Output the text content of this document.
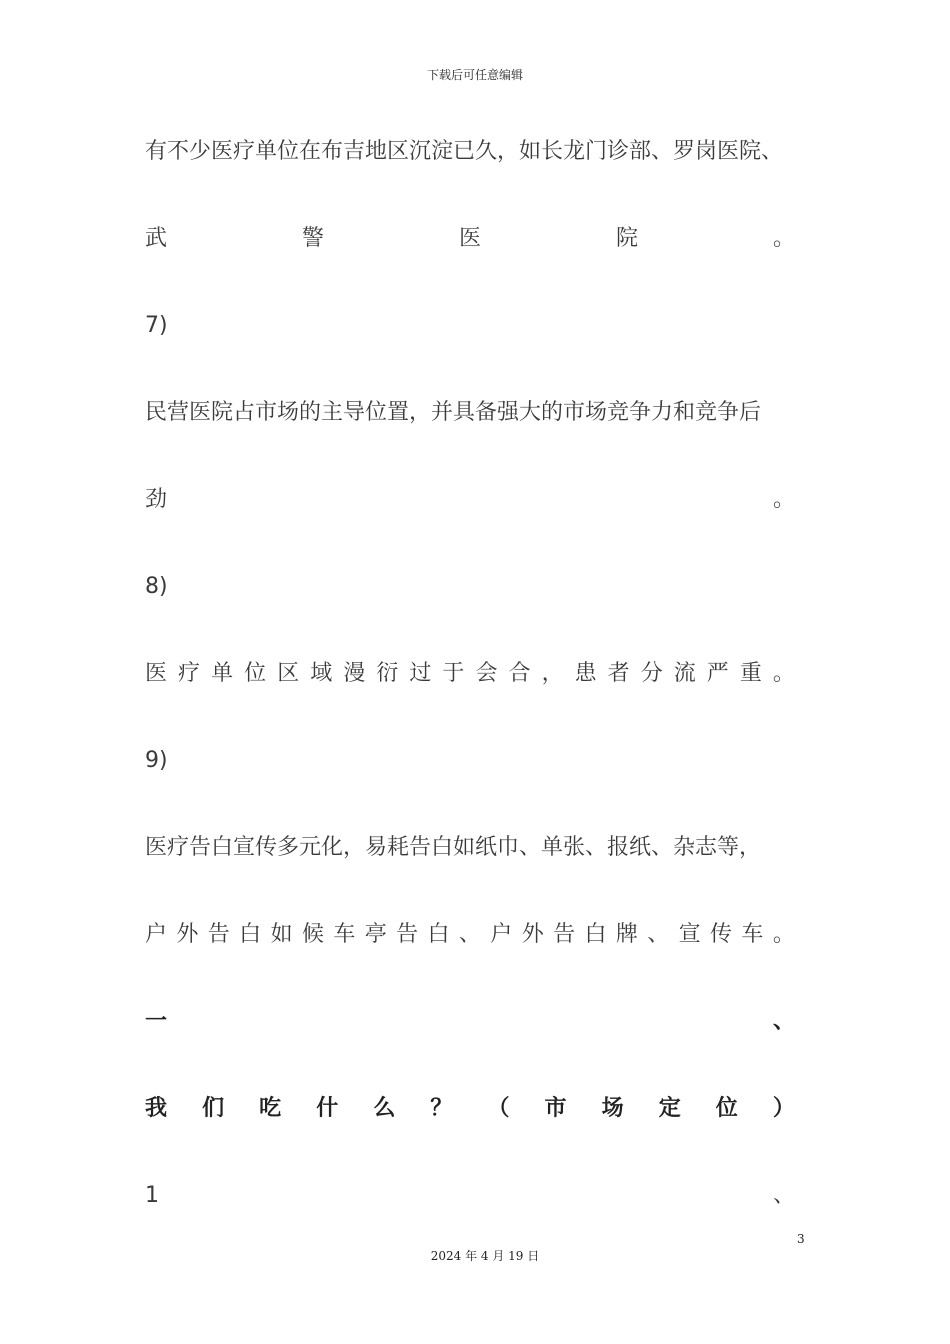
下载后可任意编辑
有不少医疗单位在布吉地区沉淀已久，如长龙门诊部、罗岗医院、
武	警	医	院	。
7)
民营医院占市场的主导位置，并具备强大的市场竞争力和竞争后
劲	。
8)
医 疗 单 位 区 域 漫 衍 过 于 会 合 ， 患 者 分 流 严 重 。
9)
医疗告白宣传多元化，易耗告白如纸巾、单张、报纸、杂志等，
户 外 告 白 如 候 车 亭 告 白 、 户 外 告 白 牌 、 宣 传 车 。
一	、
我 们 吃 什 么 ？ （ 市 场 定 位 ）
1	、
3
2024 年 4 月 19 日
